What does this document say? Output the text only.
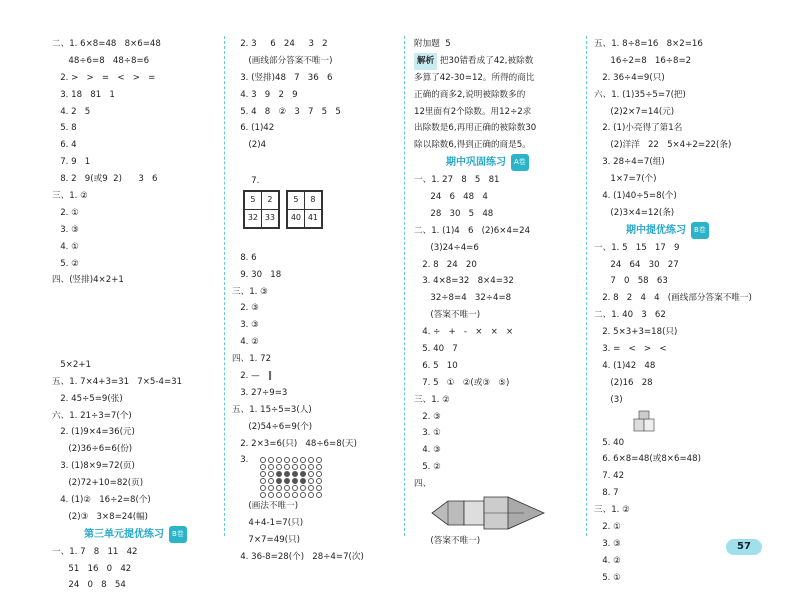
二、1. 6×8=48   8×6=48
48÷6=8   48÷8=6
2. >   >   =   <   >   =
3. 18   81   1
4. 2   5
5. 8
6. 4
7. 9   1
8. 2   9(或9  2)      3   6
三、1. ②
2. ①
3. ③
4. ①
5. ②
四、(竖排)4×2+1
5×2+1
五、1. 7×4+3=31   7×5-4=31
2. 45÷5=9(张)
六、1. 21÷3=7(个)
2. (1)9×4=36(元)
(2)36÷6=6(份)
3. (1)8×9=72(页)
(2)72+10=82(页)
4. (1)②   16÷2=8(个)
(2)③   3×8=24(幅)
第三单元提优练习 B卷
一、1. 7   8   11   42
51   16   0   42
24   0   8   54
2. 3     6   24     3   2
(画线部分答案不唯一)
3. (竖排)48   7   36   6
4. 3   9   2   9
5. 4   8   ②   3   7   5   5
6. (1)42
(2)4

7.

5	2
32	33
5	8
40	41

8. 6
9. 30   18
三、1. ③
2. ③
3. ③
4. ②
四、1. 72
2. —   ‖
3. 27÷9=3
五、1. 15÷5=3(人)
(2)54÷6=9(个)
2. 2×3=6(只)   48÷6=8(天)
3.
(画法不唯一)
4+4-1=7(只)
7×7=49(只)
4. 36-8=28(个)   28÷4=7(次)
附加题  5
解析 把30错看成了42,被除数
多算了42-30=12。所得的商比
正确的商多2,说明被除数多的
12里面有2个除数。用12÷2求
出除数是6,再用正确的被除数30
除以除数6,得到正确的商是5。
期中巩固练习 A卷
一、1. 27   8   5   81
24   6   48   4
28   30   5   48
二、1. (1)4   6   (2)6×4=24
(3)24÷4=6
2. 8   24   20
3. 4×8=32   8×4=32
32÷8=4   32÷4=8
(答案不唯一)
4. ÷   +   -   ×   ×   ×
5. 40   7
6. 5   10
7. 5   ①   ②(或③   ⑤)
三、1. ②
2. ③
3. ①
4. ③
5. ②
四、
(答案不唯一)
五、1. 8÷8=16   8×2=16
16÷2=8   16÷8=2
2. 36÷4=9(只)
六、1. (1)35÷5=7(把)
(2)2×7=14(元)
2. (1)小亮得了第1名
(2)洋洋   22   5×4+2=22(条)
3. 28÷4=7(组)
1×7=7(个)
4. (1)40÷5=8(个)
(2)3×4=12(条)
期中提优练习 B卷
一、1. 5   15   17   9
24   64   30   27
7   0   58   63
2. 8   2   4   4   (画线部分答案不唯一)
二、1. 40   3   62
2. 5×3+3=18(只)
3. =   <   >   <
4. (1)42   48
(2)16   28
(3)
5. 40
6. 6×8=48(或8×6=48)
7. 42
8. 7
三、1. ②
2. ①
3. ③
4. ②
5. ①
57
